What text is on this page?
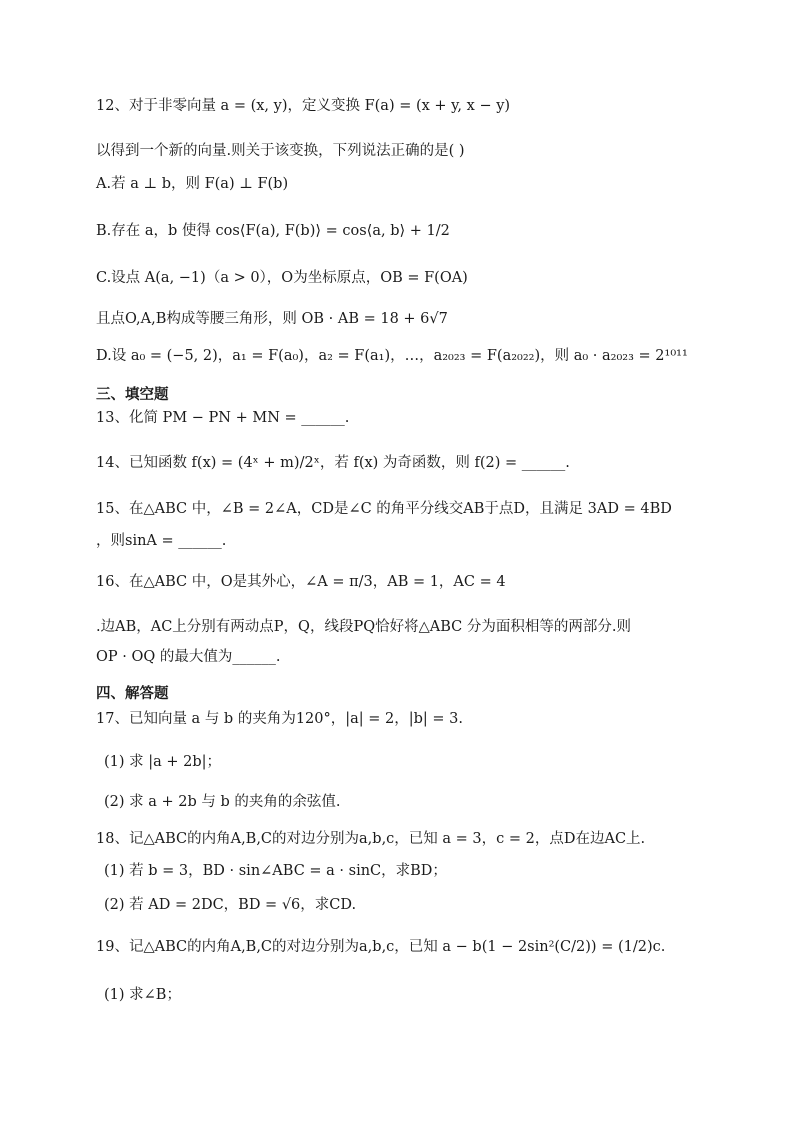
12、对于非零向量 a = (x, y)，定义变换 F(a) = (x + y, x − y)
以得到一个新的向量.则关于该变换，下列说法正确的是( )
A.若 a ⊥ b，则 F(a) ⊥ F(b)
B.存在 a，b 使得 cos⟨F(a), F(b)⟩ = cos⟨a, b⟩ + 1/2
C.设点 A(a, −1)（a > 0），O为坐标原点，OB = F(OA)
且点O,A,B构成等腰三角形，则 OB · AB = 18 + 6√7
D.设 a₀ = (−5, 2)，a₁ = F(a₀)，a₂ = F(a₁)，…，a₂₀₂₃ = F(a₂₀₂₂)，则 a₀ · a₂₀₂₃ = 2¹⁰¹¹
三、填空题
13、化简 PM − PN + MN = ______.
14、已知函数 f(x) = (4ˣ + m)/2ˣ，若 f(x) 为奇函数，则 f(2) = ______.
15、在△ABC 中，∠B = 2∠A，CD是∠C 的角平分线交AB于点D，且满足 3AD = 4BD
，则sinA = ______.
16、在△ABC 中，O是其外心，∠A = π/3，AB = 1，AC = 4
.边AB，AC上分别有两动点P，Q，线段PQ恰好将△ABC 分为面积相等的两部分.则
OP · OQ 的最大值为______.
四、解答题
17、已知向量 a 与 b 的夹角为120°，|a| = 2，|b| = 3.
(1) 求 |a + 2b|；
(2) 求 a + 2b 与 b 的夹角的余弦值.
18、记△ABC的内角A,B,C的对边分别为a,b,c，已知 a = 3，c = 2，点D在边AC上.
(1) 若 b = 3，BD · sin∠ABC = a · sinC，求BD；
(2) 若 AD = 2DC，BD = √6，求CD.
19、记△ABC的内角A,B,C的对边分别为a,b,c，已知 a − b(1 − 2sin²(C/2)) = (1/2)c.
(1) 求∠B；
